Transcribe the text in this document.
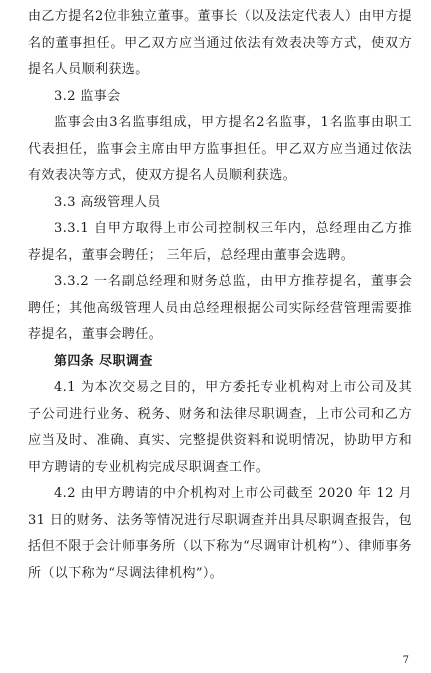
由乙方提名2位非独立董事。董事长（以及法定代表人）由甲方提名的董事担任。甲乙双方应当通过依法有效表决等方式，使双方提名人员顺利获选。

3.2 监事会

监事会由3名监事组成，甲方提名2名监事，1名监事由职工代表担任，监事会主席由甲方监事担任。甲乙双方应当通过依法有效表决等方式，使双方提名人员顺利获选。

3.3 高级管理人员

3.3.1 自甲方取得上市公司控制权三年内，总经理由乙方推荐提名，董事会聘任； 三年后，总经理由董事会选聘。

3.3.2 一名副总经理和财务总监，由甲方推荐提名，董事会聘任；其他高级管理人员由总经理根据公司实际经营管理需要推荐提名，董事会聘任。

第四条 尽职调查

4.1 为本次交易之目的，甲方委托专业机构对上市公司及其子公司进行业务、税务、财务和法律尽职调查，上市公司和乙方应当及时、准确、真实、完整提供资料和说明情况，协助甲方和甲方聘请的专业机构完成尽职调查工作。

4.2 由甲方聘请的中介机构对上市公司截至 2020 年 12 月 31 日的财务、法务等情况进行尽职调查并出具尽职调查报告，包括但不限于会计师事务所（以下称为“尽调审计机构”）、律师事务所（以下称为“尽调法律机构”）。

7
